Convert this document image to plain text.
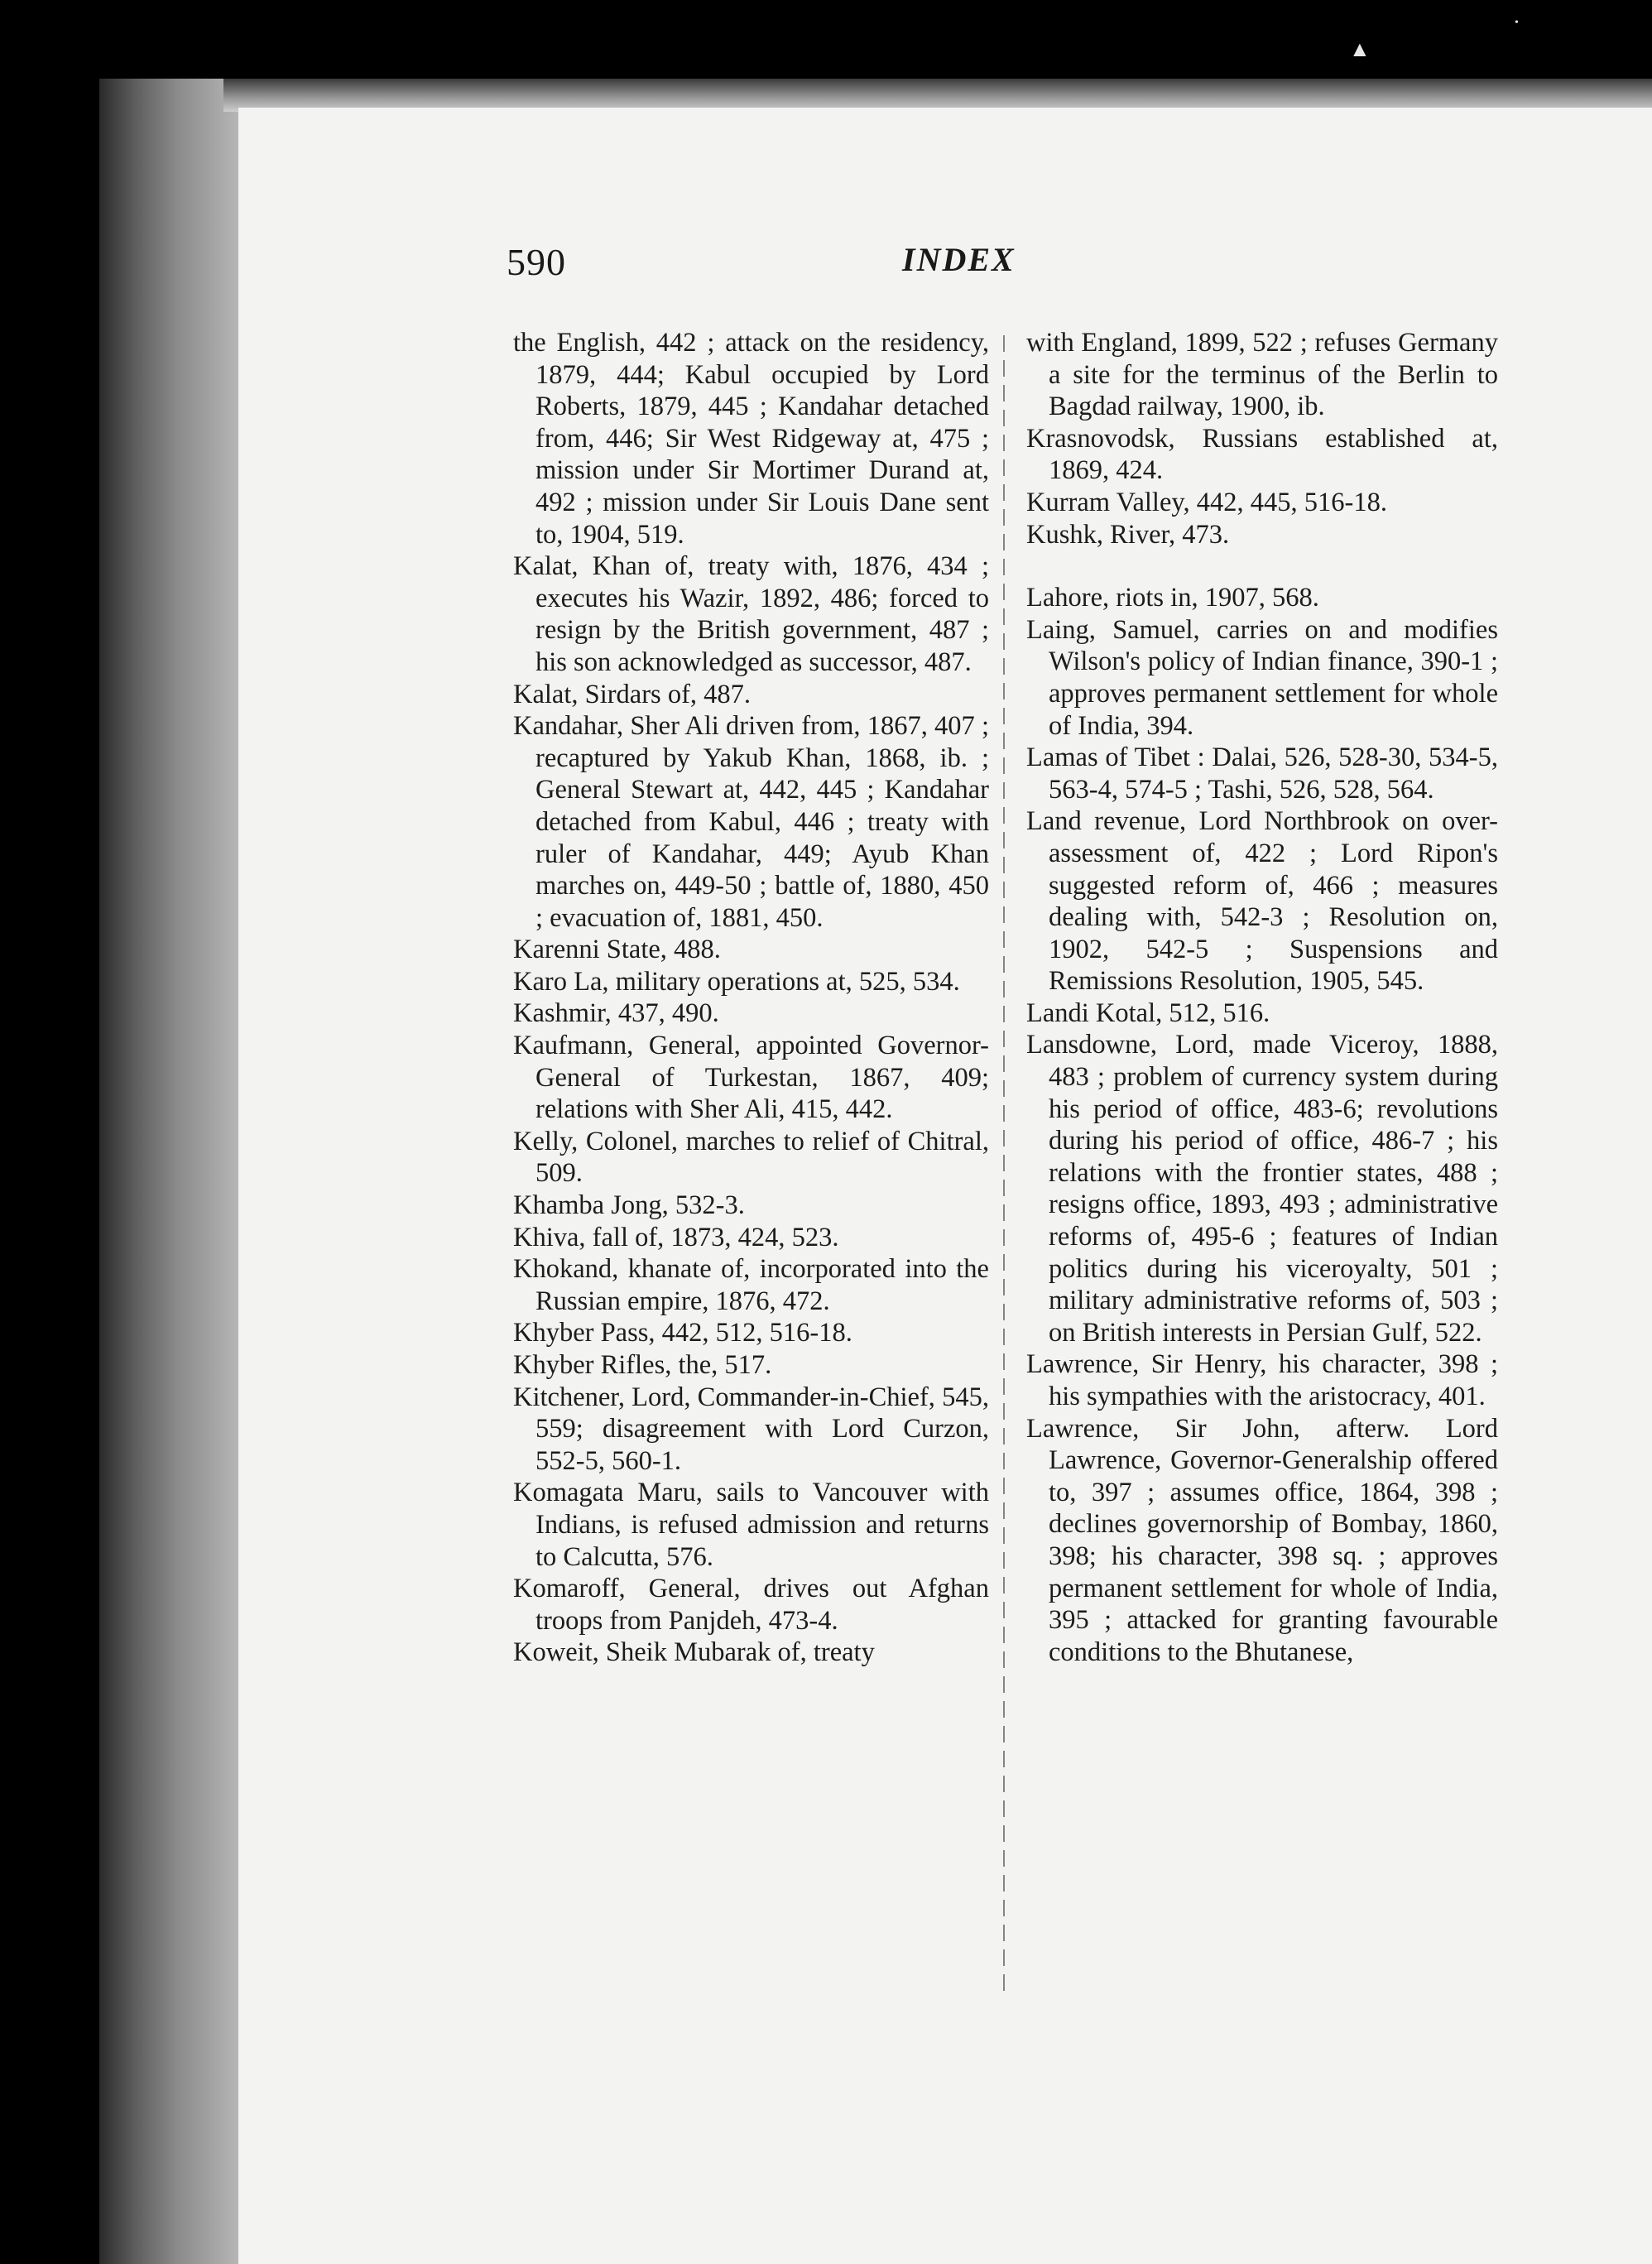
▲
•
590	INDEX
the English, 442 ; attack on the residency, 1879, 444; Kabul occupied by Lord Roberts, 1879, 445 ; Kandahar detached from, 446; Sir West Ridgeway at, 475 ; mission under Sir Mortimer Durand at, 492 ; mission under Sir Louis Dane sent to, 1904, 519.
Kalat, Khan of, treaty with, 1876, 434 ; executes his Wazir, 1892, 486; forced to resign by the British government, 487 ; his son acknowledged as successor, 487.
Kalat, Sirdars of, 487.
Kandahar, Sher Ali driven from, 1867, 407 ; recaptured by Yakub Khan, 1868, ib. ; General Stewart at, 442, 445 ; Kandahar detached from Kabul, 446 ; treaty with ruler of Kandahar, 449; Ayub Khan marches on, 449-50 ; battle of, 1880, 450 ; evacuation of, 1881, 450.
Karenni State, 488.
Karo La, military operations at, 525, 534.
Kashmir, 437, 490.
Kaufmann, General, appointed Governor-General of Turkestan, 1867, 409; relations with Sher Ali, 415, 442.
Kelly, Colonel, marches to relief of Chitral, 509.
Khamba Jong, 532-3.
Khiva, fall of, 1873, 424, 523.
Khokand, khanate of, incorporated into the Russian empire, 1876, 472.
Khyber Pass, 442, 512, 516-18.
Khyber Rifles, the, 517.
Kitchener, Lord, Commander-in-Chief, 545, 559; disagreement with Lord Curzon, 552-5, 560-1.
Komagata Maru, sails to Vancouver with Indians, is refused admission and returns to Calcutta, 576.
Komaroff, General, drives out Afghan troops from Panjdeh, 473-4.
Koweit, Sheik Mubarak of, treaty
with England, 1899, 522 ; refuses Germany a site for the terminus of the Berlin to Bagdad railway, 1900, ib.
Krasnovodsk, Russians established at, 1869, 424.
Kurram Valley, 442, 445, 516-18.
Kushk, River, 473.
Lahore, riots in, 1907, 568.
Laing, Samuel, carries on and modifies Wilson's policy of Indian finance, 390-1 ; approves permanent settlement for whole of India, 394.
Lamas of Tibet : Dalai, 526, 528-30, 534-5, 563-4, 574-5 ; Tashi, 526, 528, 564.
Land revenue, Lord Northbrook on over-assessment of, 422 ; Lord Ripon's suggested reform of, 466 ; measures dealing with, 542-3 ; Resolution on, 1902, 542-5 ; Suspensions and Remissions Resolution, 1905, 545.
Landi Kotal, 512, 516.
Lansdowne, Lord, made Viceroy, 1888, 483 ; problem of currency system during his period of office, 483-6; revolutions during his period of office, 486-7 ; his relations with the frontier states, 488 ; resigns office, 1893, 493 ; administrative reforms of, 495-6 ; features of Indian politics during his viceroyalty, 501 ; military administrative reforms of, 503 ; on British interests in Persian Gulf, 522.
Lawrence, Sir Henry, his character, 398 ; his sympathies with the aristocracy, 401.
Lawrence, Sir John, afterw. Lord Lawrence, Governor-Generalship offered to, 397 ; assumes office, 1864, 398 ; declines governorship of Bombay, 1860, 398; his character, 398 sq. ; approves permanent settlement for whole of India, 395 ; attacked for granting favourable conditions to the Bhutanese,
